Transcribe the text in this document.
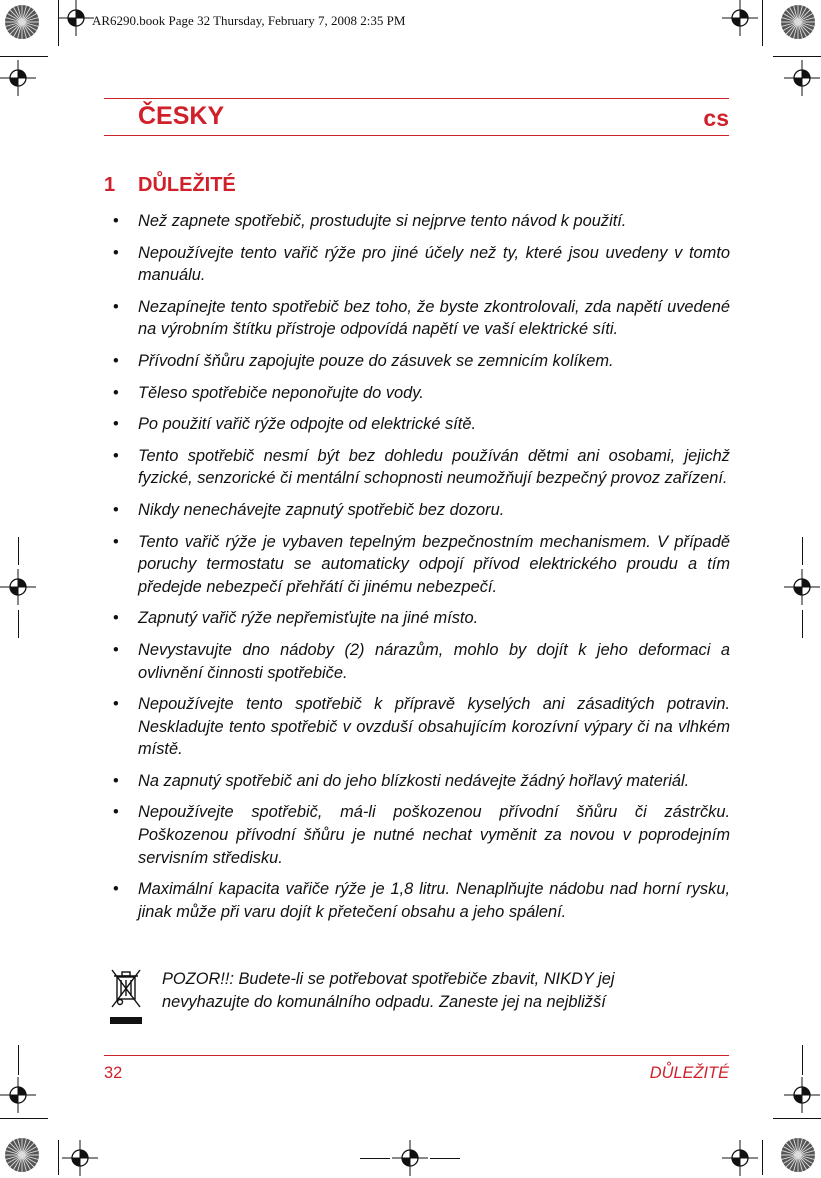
AR6290.book Page 32 Thursday, February 7, 2008 2:35 PM
ČESKY	cs
1 DŮLEŽITÉ
• Než zapnete spotřebič, prostudujte si nejprve tento návod k použití.
• Nepoužívejte tento vařič rýže pro jiné účely než ty, které jsou uvedeny v tomto manuálu.
• Nezapínejte tento spotřebič bez toho, že byste zkontrolovali, zda napětí uvedené na výrobním štítku přístroje odpovídá napětí ve vaší elektrické síti.
• Přívodní šňůru zapojujte pouze do zásuvek se zemnicím kolíkem.
• Těleso spotřebiče neponořujte do vody.
• Po použití vařič rýže odpojte od elektrické sítě.
• Tento spotřebič nesmí být bez dohledu používán dětmi ani osobami, jejichž fyzické, senzorické či mentální schopnosti neumožňují bezpečný provoz zařízení.
• Nikdy nenechávejte zapnutý spotřebič bez dozoru.
• Tento vařič rýže je vybaven tepelným bezpečnostním mechanismem. V případě poruchy termostatu se automaticky odpojí přívod elektrického proudu a tím předejde nebezpečí přehřátí či jinému nebezpečí.
• Zapnutý vařič rýže nepřemisťujte na jiné místo.
• Nevystavujte dno nádoby (2) nárazům, mohlo by dojít k jeho deformaci a ovlivnění činnosti spotřebiče.
• Nepoužívejte tento spotřebič k přípravě kyselých ani zásaditých potravin. Neskladujte tento spotřebič v ovzduší obsahujícím korozívní výpary či na vlhkém místě.
• Na zapnutý spotřebič ani do jeho blízkosti nedávejte žádný hořlavý materiál.
• Nepoužívejte spotřebič, má-li poškozenou přívodní šňůru či zástrčku. Poškozenou přívodní šňůru je nutné nechat vyměnit za novou v poprodejním servisním středisku.
• Maximální kapacita vařiče rýže je 1,8 litru. Nenaplňujte nádobu nad horní rysku, jinak může při varu dojít k přetečení obsahu a jeho spálení.
POZOR!!: Budete-li se potřebovat spotřebiče zbavit, NIKDY jej nevyhazujte do komunálního odpadu. Zaneste jej na nejbližší
32	DŮLEŽITÉ
